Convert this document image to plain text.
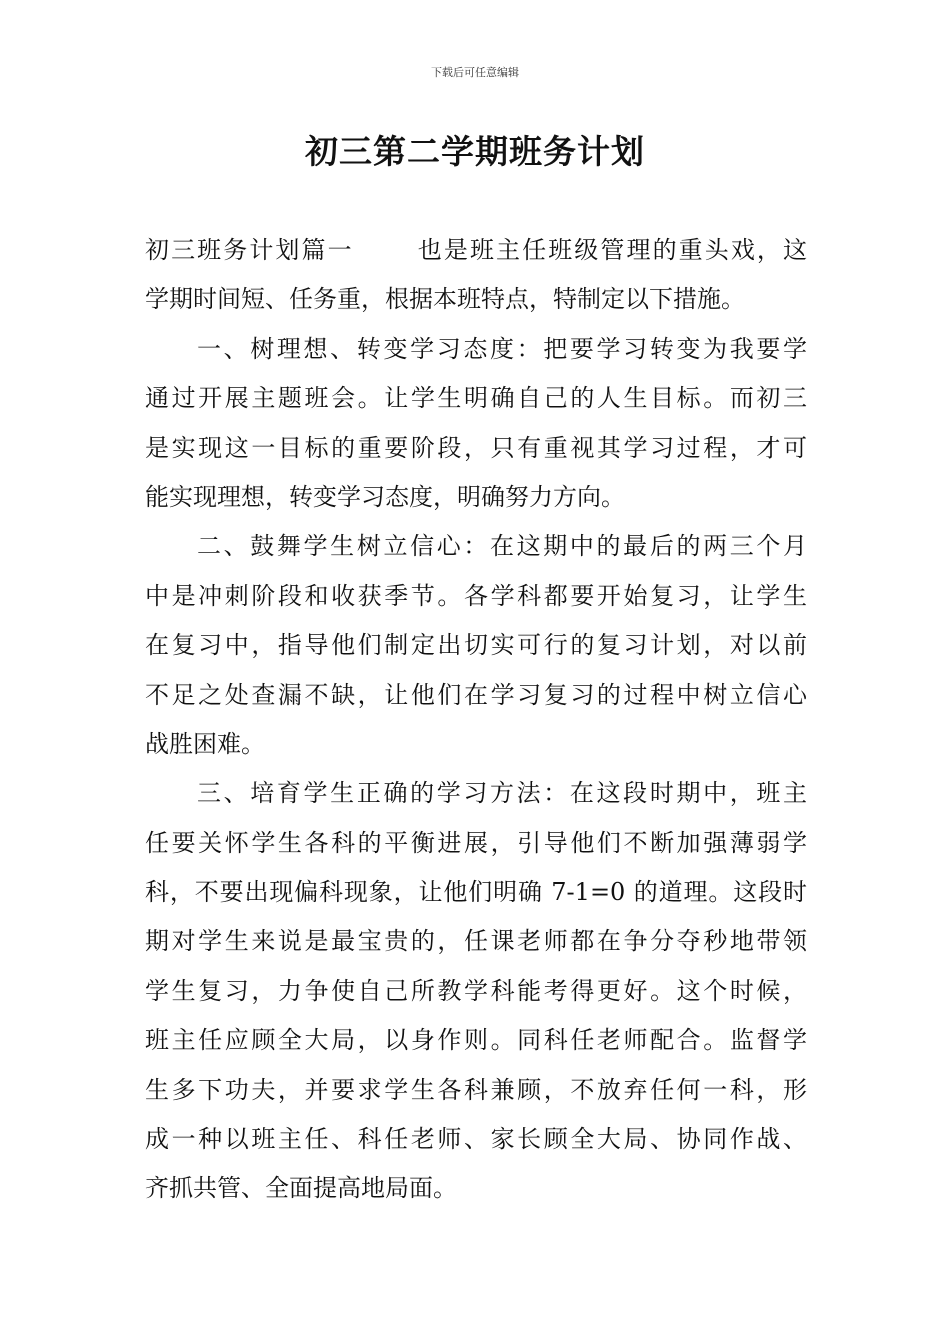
下载后可任意编辑
初三第二学期班务计划
初三班务计划篇一	也是班主任班级管理的重头戏，这
学期时间短、任务重，根据本班特点，特制定以下措施。
一、树理想、转变学习态度：把要学习转变为我要学
通过开展主题班会。让学生明确自己的人生目标。而初三
是实现这一目标的重要阶段，只有重视其学习过程，才可
能实现理想，转变学习态度，明确努力方向。
二、鼓舞学生树立信心：在这期中的最后的两三个月
中是冲刺阶段和收获季节。各学科都要开始复习，让学生
在复习中，指导他们制定出切实可行的复习计划，对以前
不足之处查漏不缺，让他们在学习复习的过程中树立信心
战胜困难。
三、培育学生正确的学习方法：在这段时期中，班主
任要关怀学生各科的平衡进展，引导他们不断加强薄弱学
科，不要出现偏科现象，让他们明确 7-1=0 的道理。这段时
期对学生来说是最宝贵的，任课老师都在争分夺秒地带领
学生复习，力争使自己所教学科能考得更好。这个时候，
班主任应顾全大局，以身作则。同科任老师配合。监督学
生多下功夫，并要求学生各科兼顾，不放弃任何一科，形
成一种以班主任、科任老师、家长顾全大局、协同作战、
齐抓共管、全面提高地局面。
